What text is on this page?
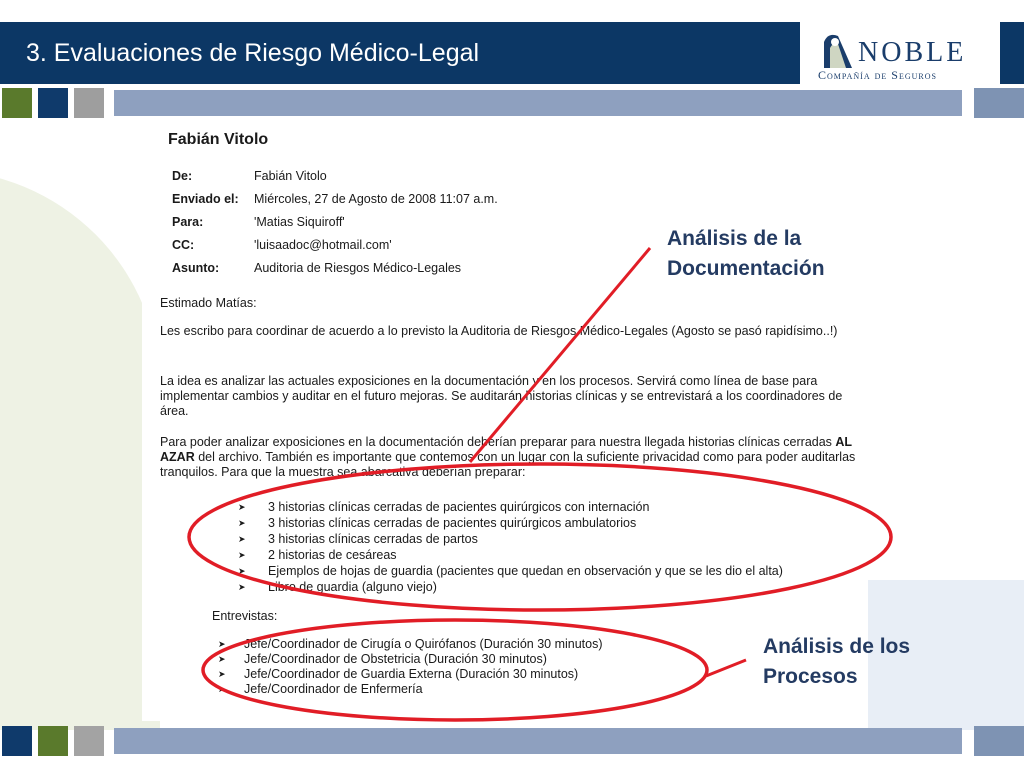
3. Evaluaciones de Riesgo Médico-Legal	NOBLE
Compañía de Seguros
Fabián Vitolo
De:	Fabián Vitolo
Enviado el:	Miércoles, 27 de Agosto de 2008 11:07 a.m.
Para:	'Matias Siquiroff'
CC:	'luisaadoc@hotmail.com'
Asunto:	Auditoria de Riesgos Médico-Legales
Estimado Matías:
Les escribo para coordinar de acuerdo a lo previsto la Auditoria de Riesgos Médico-Legales (Agosto se pasó rapidísimo..!)
La idea es analizar las actuales exposiciones en la documentación y en los procesos. Servirá como línea de base para implementar cambios y auditar en el futuro mejoras. Se auditarán historias clínicas y se entrevistará a los coordinadores de área.
Para poder analizar exposiciones en la documentación deberían preparar para nuestra llegada historias clínicas cerradas AL AZAR del archivo. También es importante que contemos con un lugar con la suficiente privacidad como para poder auditarlas tranquilos. Para que la muestra sea abarcativa deberían preparar:
➤ 3 historias clínicas cerradas de pacientes quirúrgicos con internación
➤ 3 historias clínicas cerradas de pacientes quirúrgicos ambulatorios
➤ 3 historias clínicas cerradas de partos
➤ 2 historias de cesáreas
➤ Ejemplos de hojas de guardia (pacientes que quedan en observación y que se les dio el alta)
➤ Libro de guardia (alguno viejo)
Entrevistas:
➤ Jefe/Coordinador de Cirugía o Quirófanos (Duración 30 minutos)
➤ Jefe/Coordinador de Obstetricia (Duración 30 minutos)
➤ Jefe/Coordinador de Guardia Externa (Duración 30 minutos)
➤ Jefe/Coordinador de Enfermería
Análisis de la
Documentación
Análisis de los
Procesos
